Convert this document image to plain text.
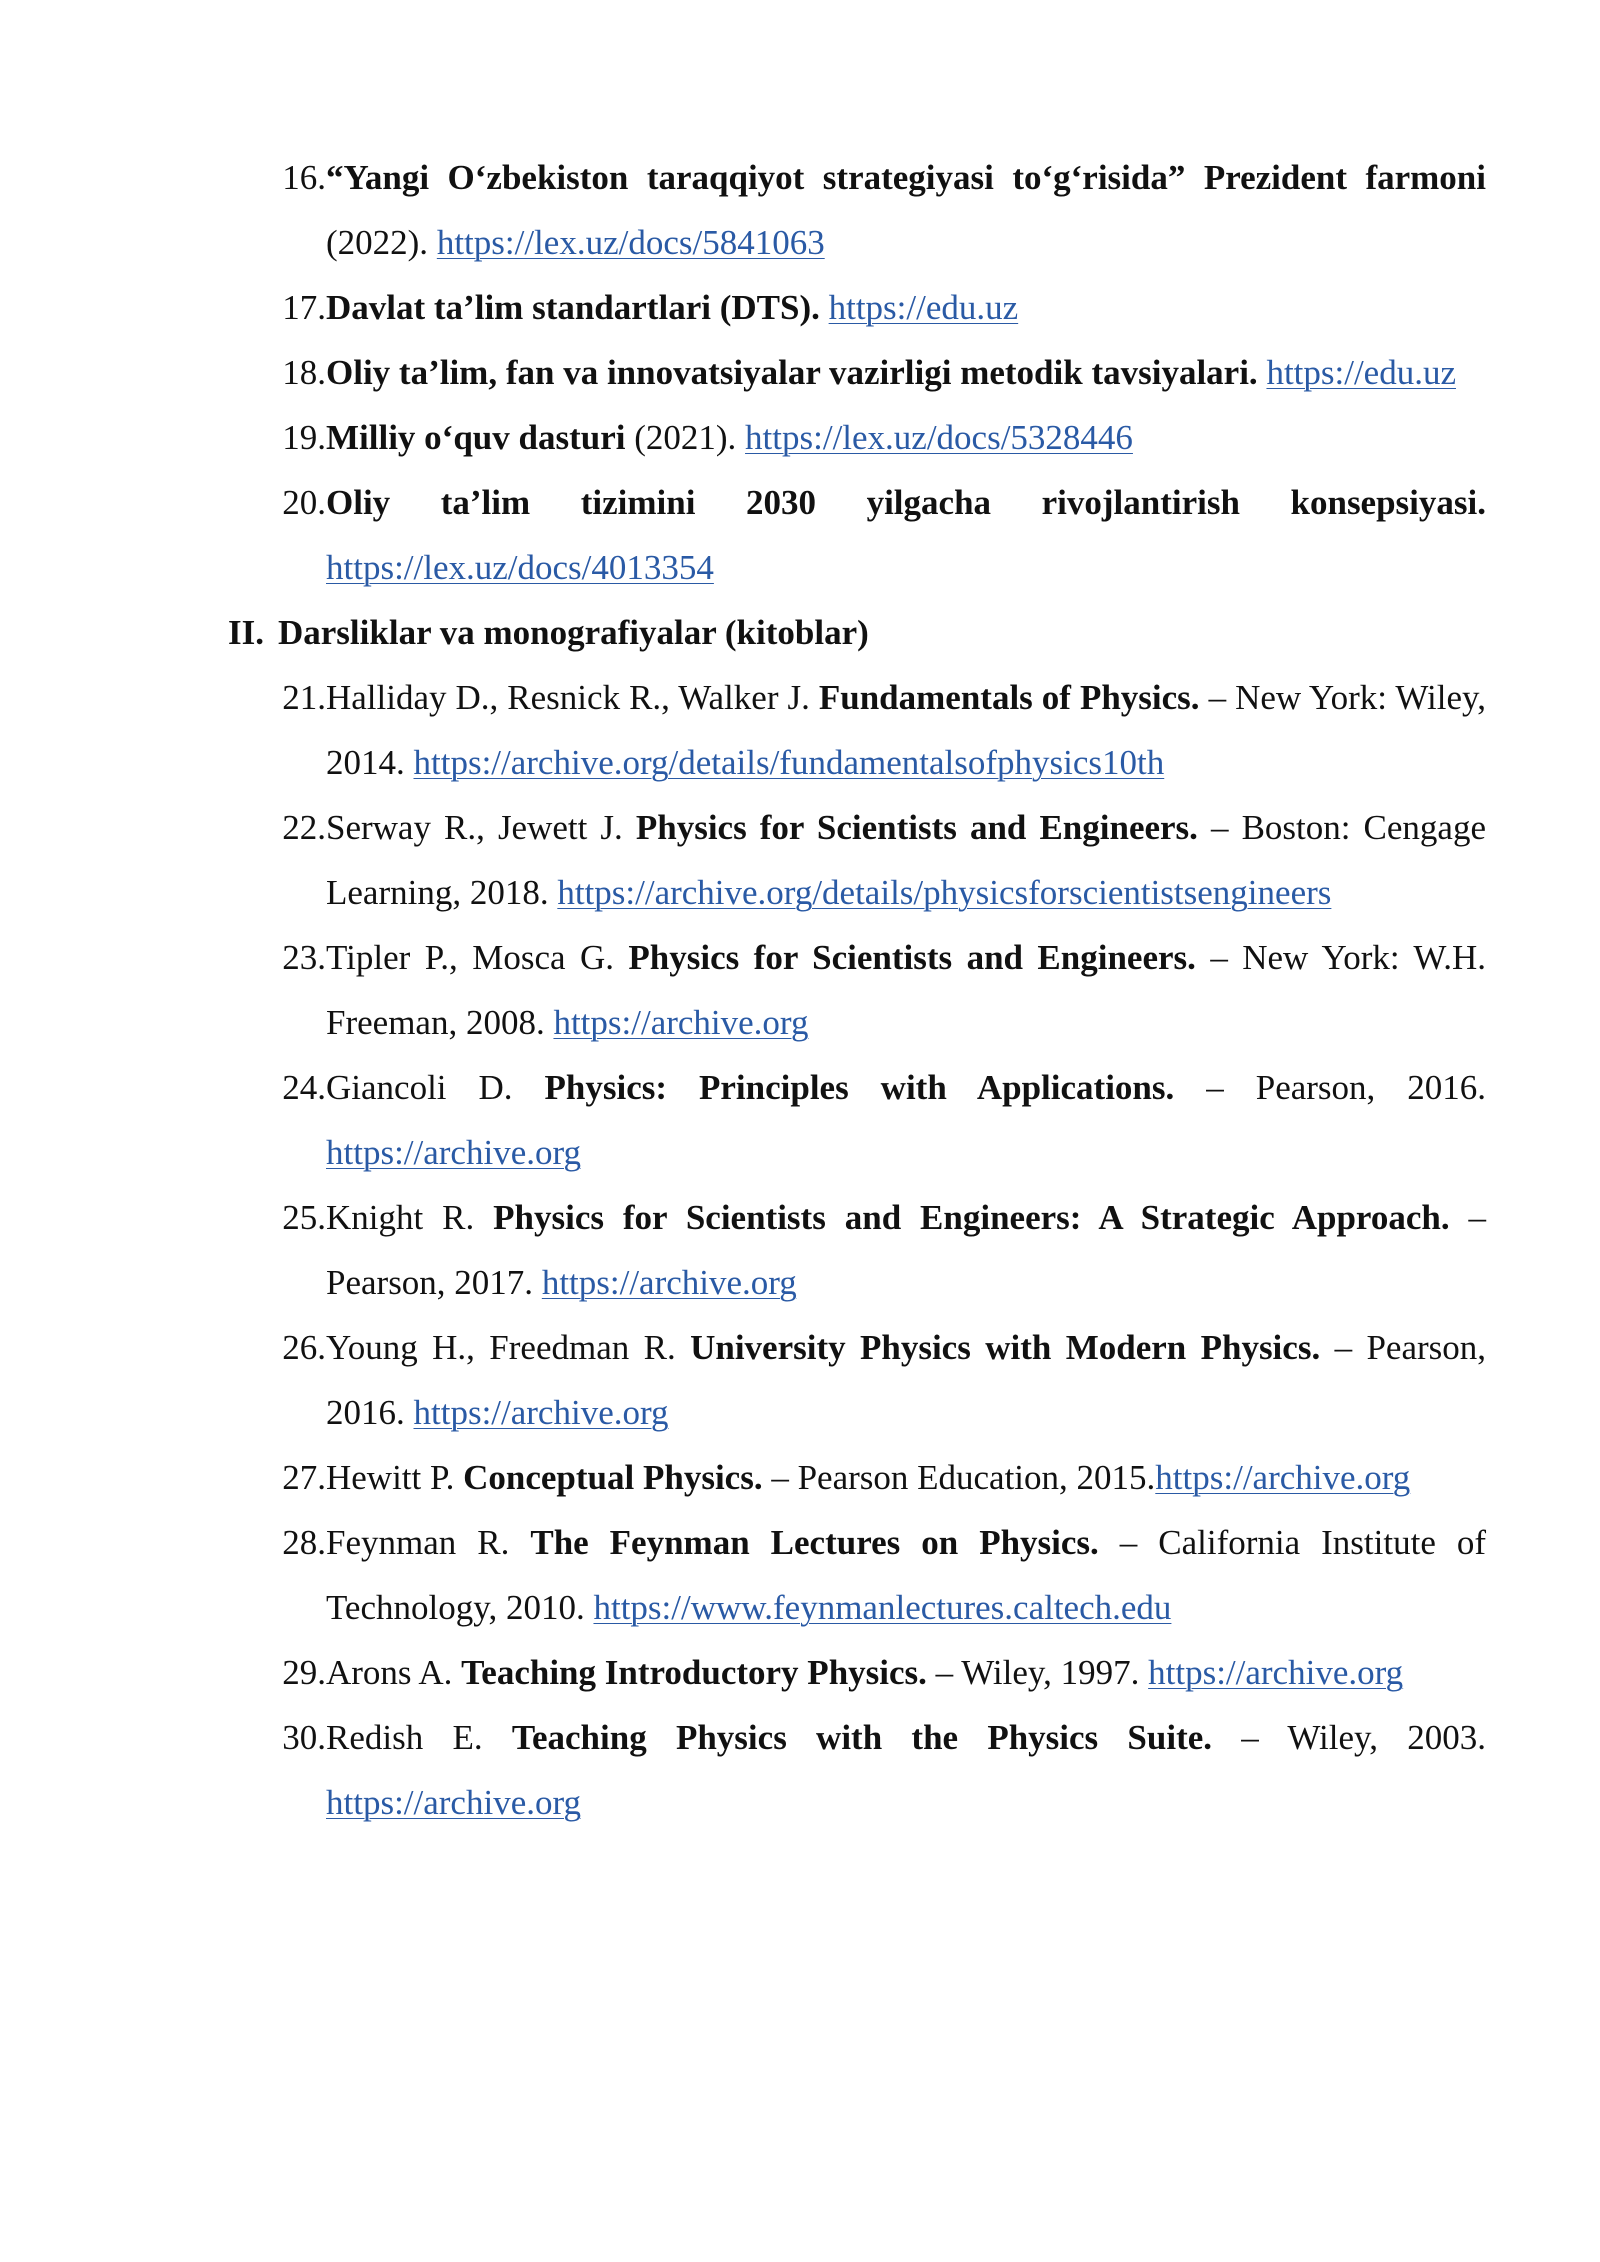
16. “Yangi O‘zbekiston taraqqiyot strategiyasi to‘g‘risida” Prezident farmoni (2022). https://lex.uz/docs/5841063
17. Davlat ta’lim standartlari (DTS). https://edu.uz
18. Oliy ta’lim, fan va innovatsiyalar vazirligi metodik tavsiyalari. https://edu.uz
19. Milliy o‘quv dasturi (2021). https://lex.uz/docs/5328446
20. Oliy ta’lim tizimini 2030 yilgacha rivojlantirish konsepsiyasi. https://lex.uz/docs/4013354
II. Darsliklar va monografiyalar (kitoblar)
21. Halliday D., Resnick R., Walker J. Fundamentals of Physics. – New York: Wiley, 2014. https://archive.org/details/fundamentalsofphysics10th
22. Serway R., Jewett J. Physics for Scientists and Engineers. – Boston: Cengage Learning, 2018. https://archive.org/details/physicsforscientistsengineers
23. Tipler P., Mosca G. Physics for Scientists and Engineers. – New York: W.H. Freeman, 2008. https://archive.org
24. Giancoli D. Physics: Principles with Applications. – Pearson, 2016. https://archive.org
25. Knight R. Physics for Scientists and Engineers: A Strategic Approach. – Pearson, 2017. https://archive.org
26. Young H., Freedman R. University Physics with Modern Physics. – Pearson, 2016. https://archive.org
27. Hewitt P. Conceptual Physics. – Pearson Education, 2015.https://archive.org
28. Feynman R. The Feynman Lectures on Physics. – California Institute of Technology, 2010. https://www.feynmanlectures.caltech.edu
29. Arons A. Teaching Introductory Physics. – Wiley, 1997. https://archive.org
30. Redish E. Teaching Physics with the Physics Suite. – Wiley, 2003. https://archive.org
